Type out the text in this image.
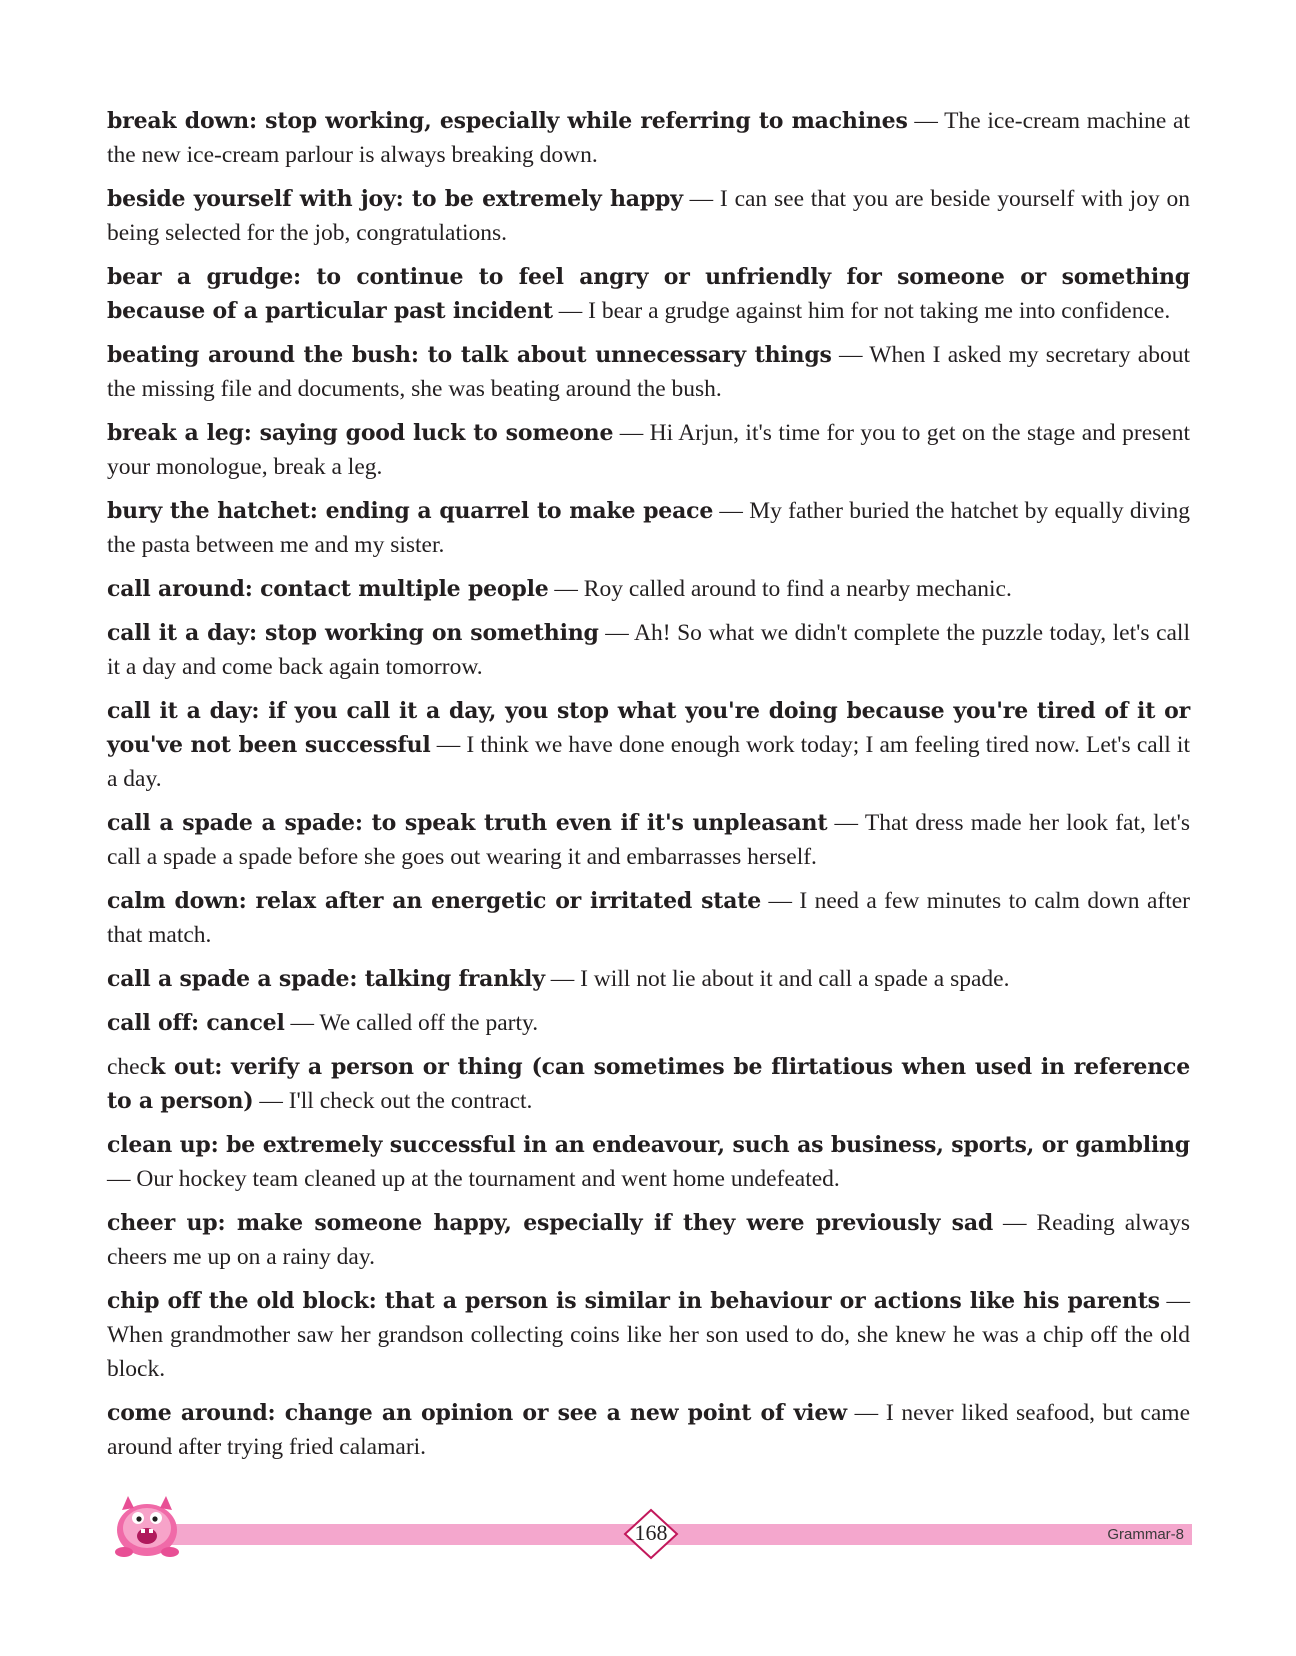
break down: stop working, especially while referring to machines — The ice-cream machine at the new ice-cream parlour is always breaking down.

beside yourself with joy: to be extremely happy — I can see that you are beside yourself with joy on being selected for the job, congratulations.

bear a grudge: to continue to feel angry or unfriendly for someone or something because of a particular past incident — I bear a grudge against him for not taking me into confidence.

beating around the bush: to talk about unnecessary things — When I asked my secretary about the missing file and documents, she was beating around the bush.

break a leg: saying good luck to someone — Hi Arjun, it's time for you to get on the stage and present your monologue, break a leg.

bury the hatchet: ending a quarrel to make peace — My father buried the hatchet by equally diving the pasta between me and my sister.

call around: contact multiple people — Roy called around to find a nearby mechanic.

call it a day: stop working on something — Ah! So what we didn't complete the puzzle today, let's call it a day and come back again tomorrow.

call it a day: if you call it a day, you stop what you're doing because you're tired of it or you've not been successful — I think we have done enough work today; I am feeling tired now. Let's call it a day.

call a spade a spade: to speak truth even if it's unpleasant — That dress made her look fat, let's call a spade a spade before she goes out wearing it and embarrasses herself.

calm down: relax after an energetic or irritated state — I need a few minutes to calm down after that match.

call a spade a spade: talking frankly — I will not lie about it and call a spade a spade.

call off: cancel — We called off the party.

check out: verify a person or thing (can sometimes be flirtatious when used in reference to a person) — I'll check out the contract.

clean up: be extremely successful in an endeavour, such as business, sports, or gambling — Our hockey team cleaned up at the tournament and went home undefeated.

cheer up: make someone happy, especially if they were previously sad — Reading always cheers me up on a rainy day.

chip off the old block: that a person is similar in behaviour or actions like his parents — When grandmother saw her grandson collecting coins like her son used to do, she knew he was a chip off the old block.

come around: change an opinion or see a new point of view — I never liked seafood, but came around after trying fried calamari.

168	Grammar-8
